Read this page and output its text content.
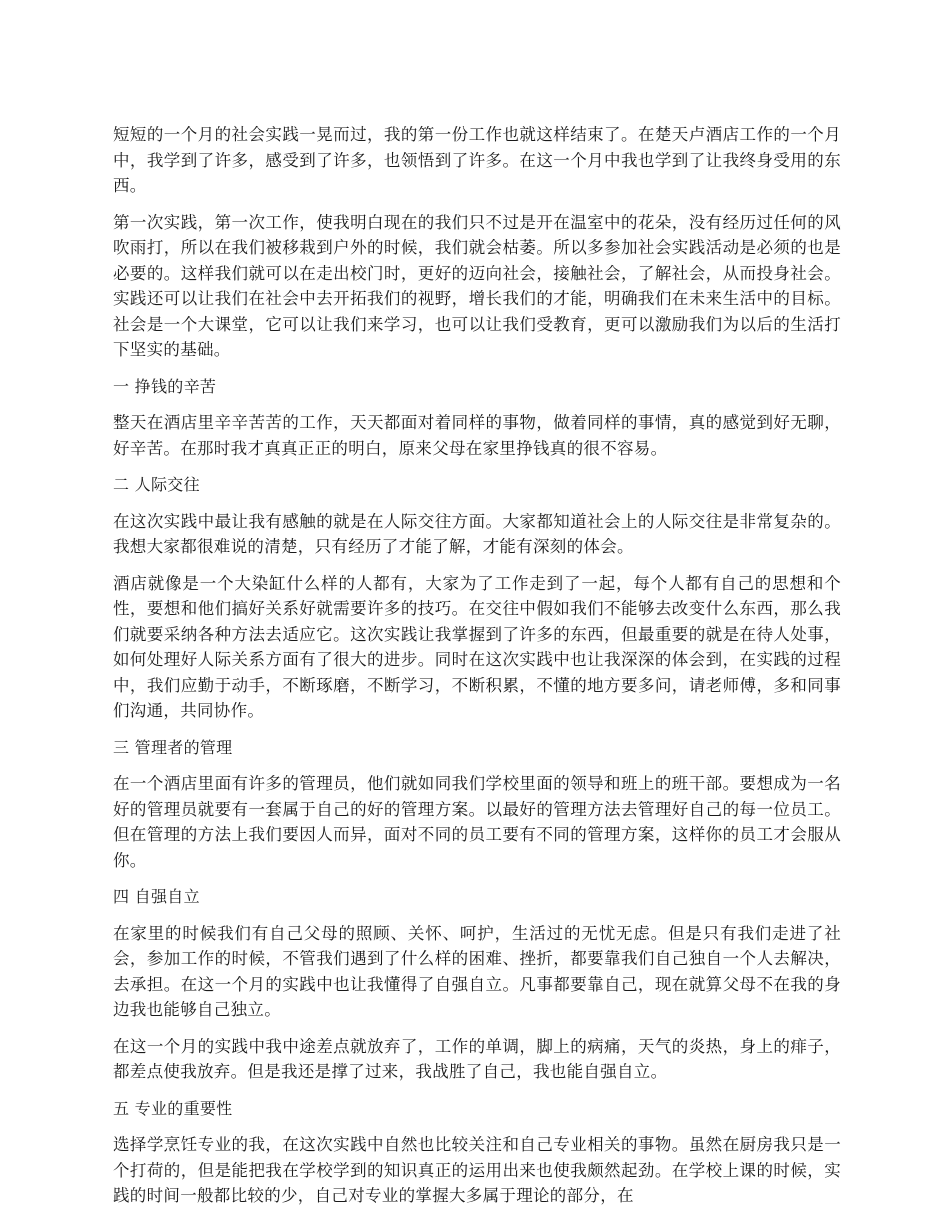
短短的一个月的社会实践一晃而过，我的第一份工作也就这样结束了。在楚天卢酒店工作的一个月中，我学到了许多，感受到了许多，也领悟到了许多。在这一个月中我也学到了让我终身受用的东西。

第一次实践，第一次工作，使我明白现在的我们只不过是开在温室中的花朵，没有经历过任何的风吹雨打，所以在我们被移栽到户外的时候，我们就会枯萎。所以多参加社会实践活动是必须的也是必要的。这样我们就可以在走出校门时，更好的迈向社会，接触社会，了解社会，从而投身社会。实践还可以让我们在社会中去开拓我们的视野，增长我们的才能，明确我们在未来生活中的目标。社会是一个大课堂，它可以让我们来学习，也可以让我们受教育，更可以激励我们为以后的生活打下坚实的基础。

一 挣钱的辛苦

整天在酒店里辛辛苦苦的工作，天天都面对着同样的事物，做着同样的事情，真的感觉到好无聊，好辛苦。在那时我才真真正正的明白，原来父母在家里挣钱真的很不容易。

二 人际交往

在这次实践中最让我有感触的就是在人际交往方面。大家都知道社会上的人际交往是非常复杂的。我想大家都很难说的清楚，只有经历了才能了解，才能有深刻的体会。

酒店就像是一个大染缸什么样的人都有，大家为了工作走到了一起，每个人都有自己的思想和个性，要想和他们搞好关系好就需要许多的技巧。在交往中假如我们不能够去改变什么东西，那么我们就要采纳各种方法去适应它。这次实践让我掌握到了许多的东西，但最重要的就是在待人处事，如何处理好人际关系方面有了很大的进步。同时在这次实践中也让我深深的体会到，在实践的过程中，我们应勤于动手，不断琢磨，不断学习，不断积累，不懂的地方要多问，请老师傅，多和同事们沟通，共同协作。

三 管理者的管理

在一个酒店里面有许多的管理员，他们就如同我们学校里面的领导和班上的班干部。要想成为一名好的管理员就要有一套属于自己的好的管理方案。以最好的管理方法去管理好自己的每一位员工。但在管理的方法上我们要因人而异，面对不同的员工要有不同的管理方案，这样你的员工才会服从你。

四 自强自立

在家里的时候我们有自己父母的照顾、关怀、呵护，生活过的无忧无虑。但是只有我们走进了社会，参加工作的时候，不管我们遇到了什么样的困难、挫折，都要靠我们自己独自一个人去解决，去承担。在这一个月的实践中也让我懂得了自强自立。凡事都要靠自己，现在就算父母不在我的身边我也能够自己独立。

在这一个月的实践中我中途差点就放弃了，工作的单调，脚上的病痛，天气的炎热，身上的痱子，都差点使我放弃。但是我还是撑了过来，我战胜了自己，我也能自强自立。

五 专业的重要性

选择学烹饪专业的我，在这次实践中自然也比较关注和自己专业相关的事物。虽然在厨房我只是一个打荷的，但是能把我在学校学到的知识真正的运用出来也使我颇然起劲。在学校上课的时候，实践的时间一般都比较的少，自己对专业的掌握大多属于理论的部分，在
